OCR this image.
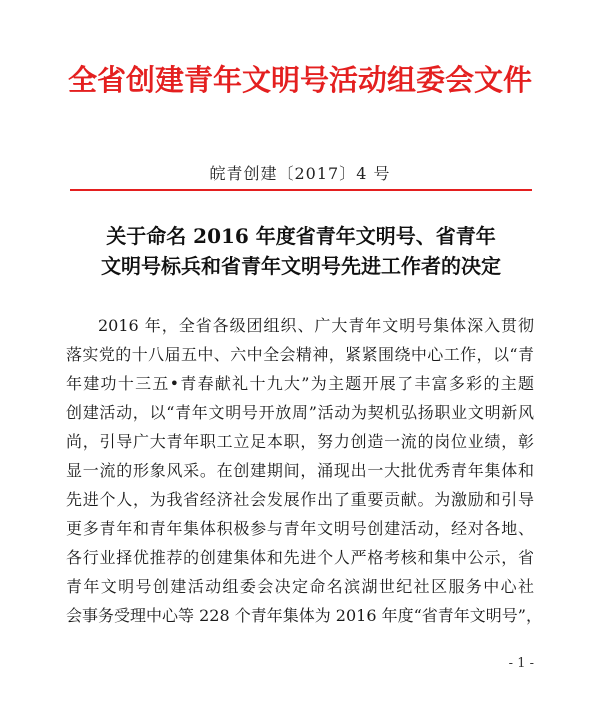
全省创建青年文明号活动组委会文件
皖青创建〔2017〕4 号
关于命名 2016 年度省青年文明号、省青年
文明号标兵和省青年文明号先进工作者的决定
2016 年，全省各级团组织、广大青年文明号集体深入贯彻
落实党的十八届五中、六中全会精神，紧紧围绕中心工作，以“青
年建功十三五•青春献礼十九大”为主题开展了丰富多彩的主题
创建活动，以“青年文明号开放周”活动为契机弘扬职业文明新风
尚，引导广大青年职工立足本职，努力创造一流的岗位业绩，彰
显一流的形象风采。在创建期间，涌现出一大批优秀青年集体和
先进个人，为我省经济社会发展作出了重要贡献。为激励和引导
更多青年和青年集体积极参与青年文明号创建活动，经对各地、
各行业择优推荐的创建集体和先进个人严格考核和集中公示，省
青年文明号创建活动组委会决定命名滨湖世纪社区服务中心社
会事务受理中心等 228 个青年集体为 2016 年度“省青年文明号”，
- 1 -
